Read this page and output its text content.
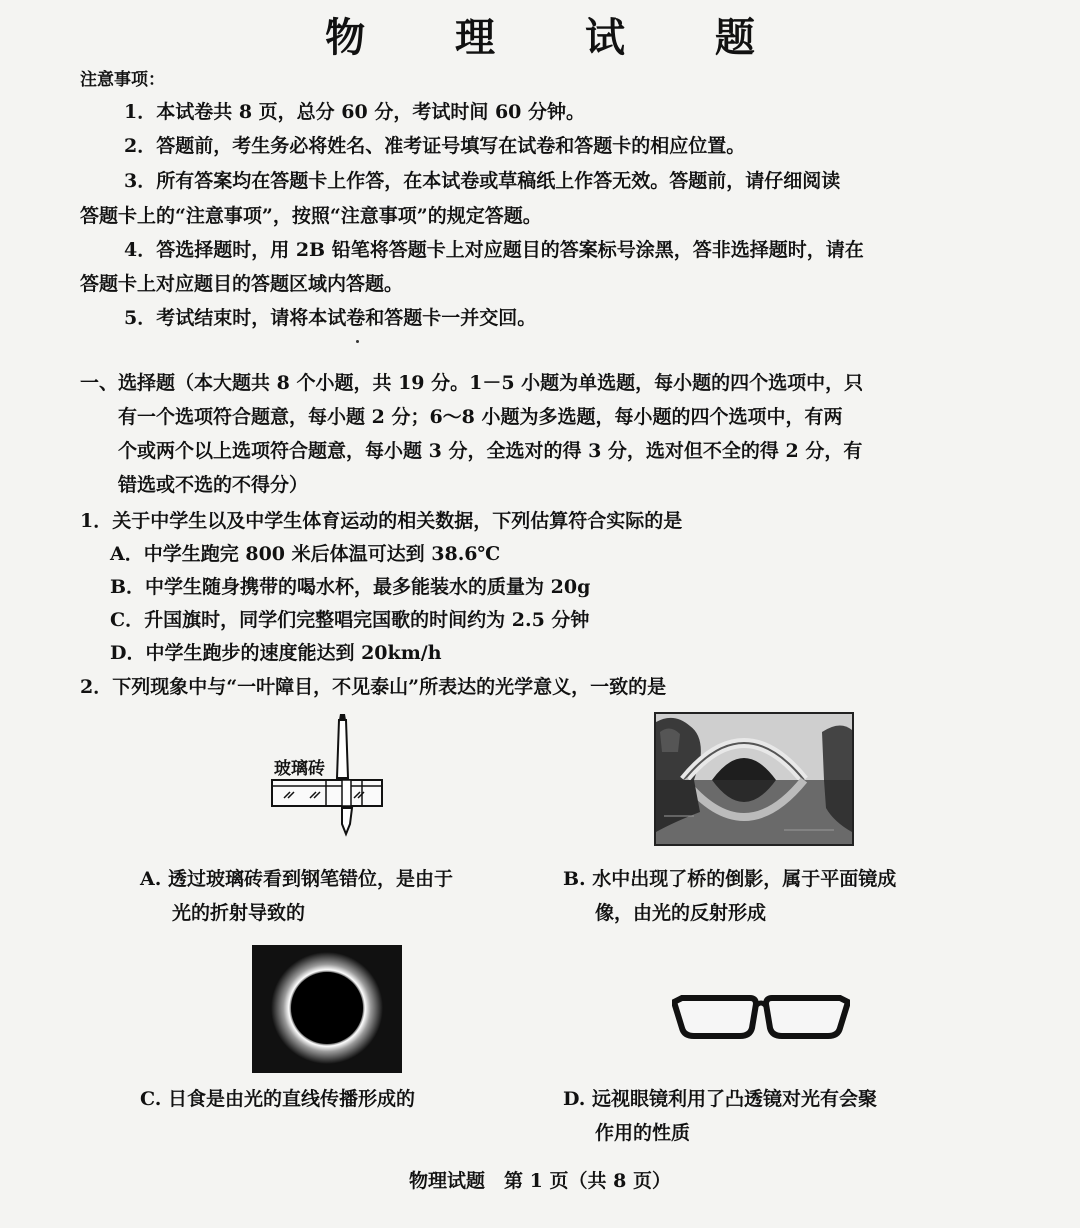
物 理 试 题
注意事项：
1．本试卷共 8 页，总分 60 分，考试时间 60 分钟。
2．答题前，考生务必将姓名、准考证号填写在试卷和答题卡的相应位置。
3．所有答案均在答题卡上作答，在本试卷或草稿纸上作答无效。答题前，请仔细阅读
答题卡上的“注意事项”，按照“注意事项”的规定答题。
4．答选择题时，用 2B 铅笔将答题卡上对应题目的答案标号涂黑，答非选择题时，请在
答题卡上对应题目的答题区域内答题。
5．考试结束时，请将本试卷和答题卡一并交回。
一、选择题（本大题共 8 个小题，共 19 分。1－5 小题为单选题，每小题的四个选项中，只
有一个选项符合题意，每小题 2 分；6～8 小题为多选题，每小题的四个选项中，有两
个或两个以上选项符合题意，每小题 3 分，全选对的得 3 分，选对但不全的得 2 分，有
错选或不选的不得分）
1．关于中学生以及中学生体育运动的相关数据，下列估算符合实际的是
A．中学生跑完 800 米后体温可达到 38.6℃
B．中学生随身携带的喝水杯，最多能装水的质量为 20g
C．升国旗时，同学们完整唱完国歌的时间约为 2.5 分钟
D．中学生跑步的速度能达到 20km/h
2．下列现象中与“一叶障目，不见泰山”所表达的光学意义，一致的是
玻璃砖
A. 透过玻璃砖看到钢笔错位，是由于
光的折射导致的
B. 水中出现了桥的倒影，属于平面镜成
像，由光的反射形成
C. 日食是由光的直线传播形成的	D. 远视眼镜利用了凸透镜对光有会聚
作用的性质
物理试题　第 1 页（共 8 页）
